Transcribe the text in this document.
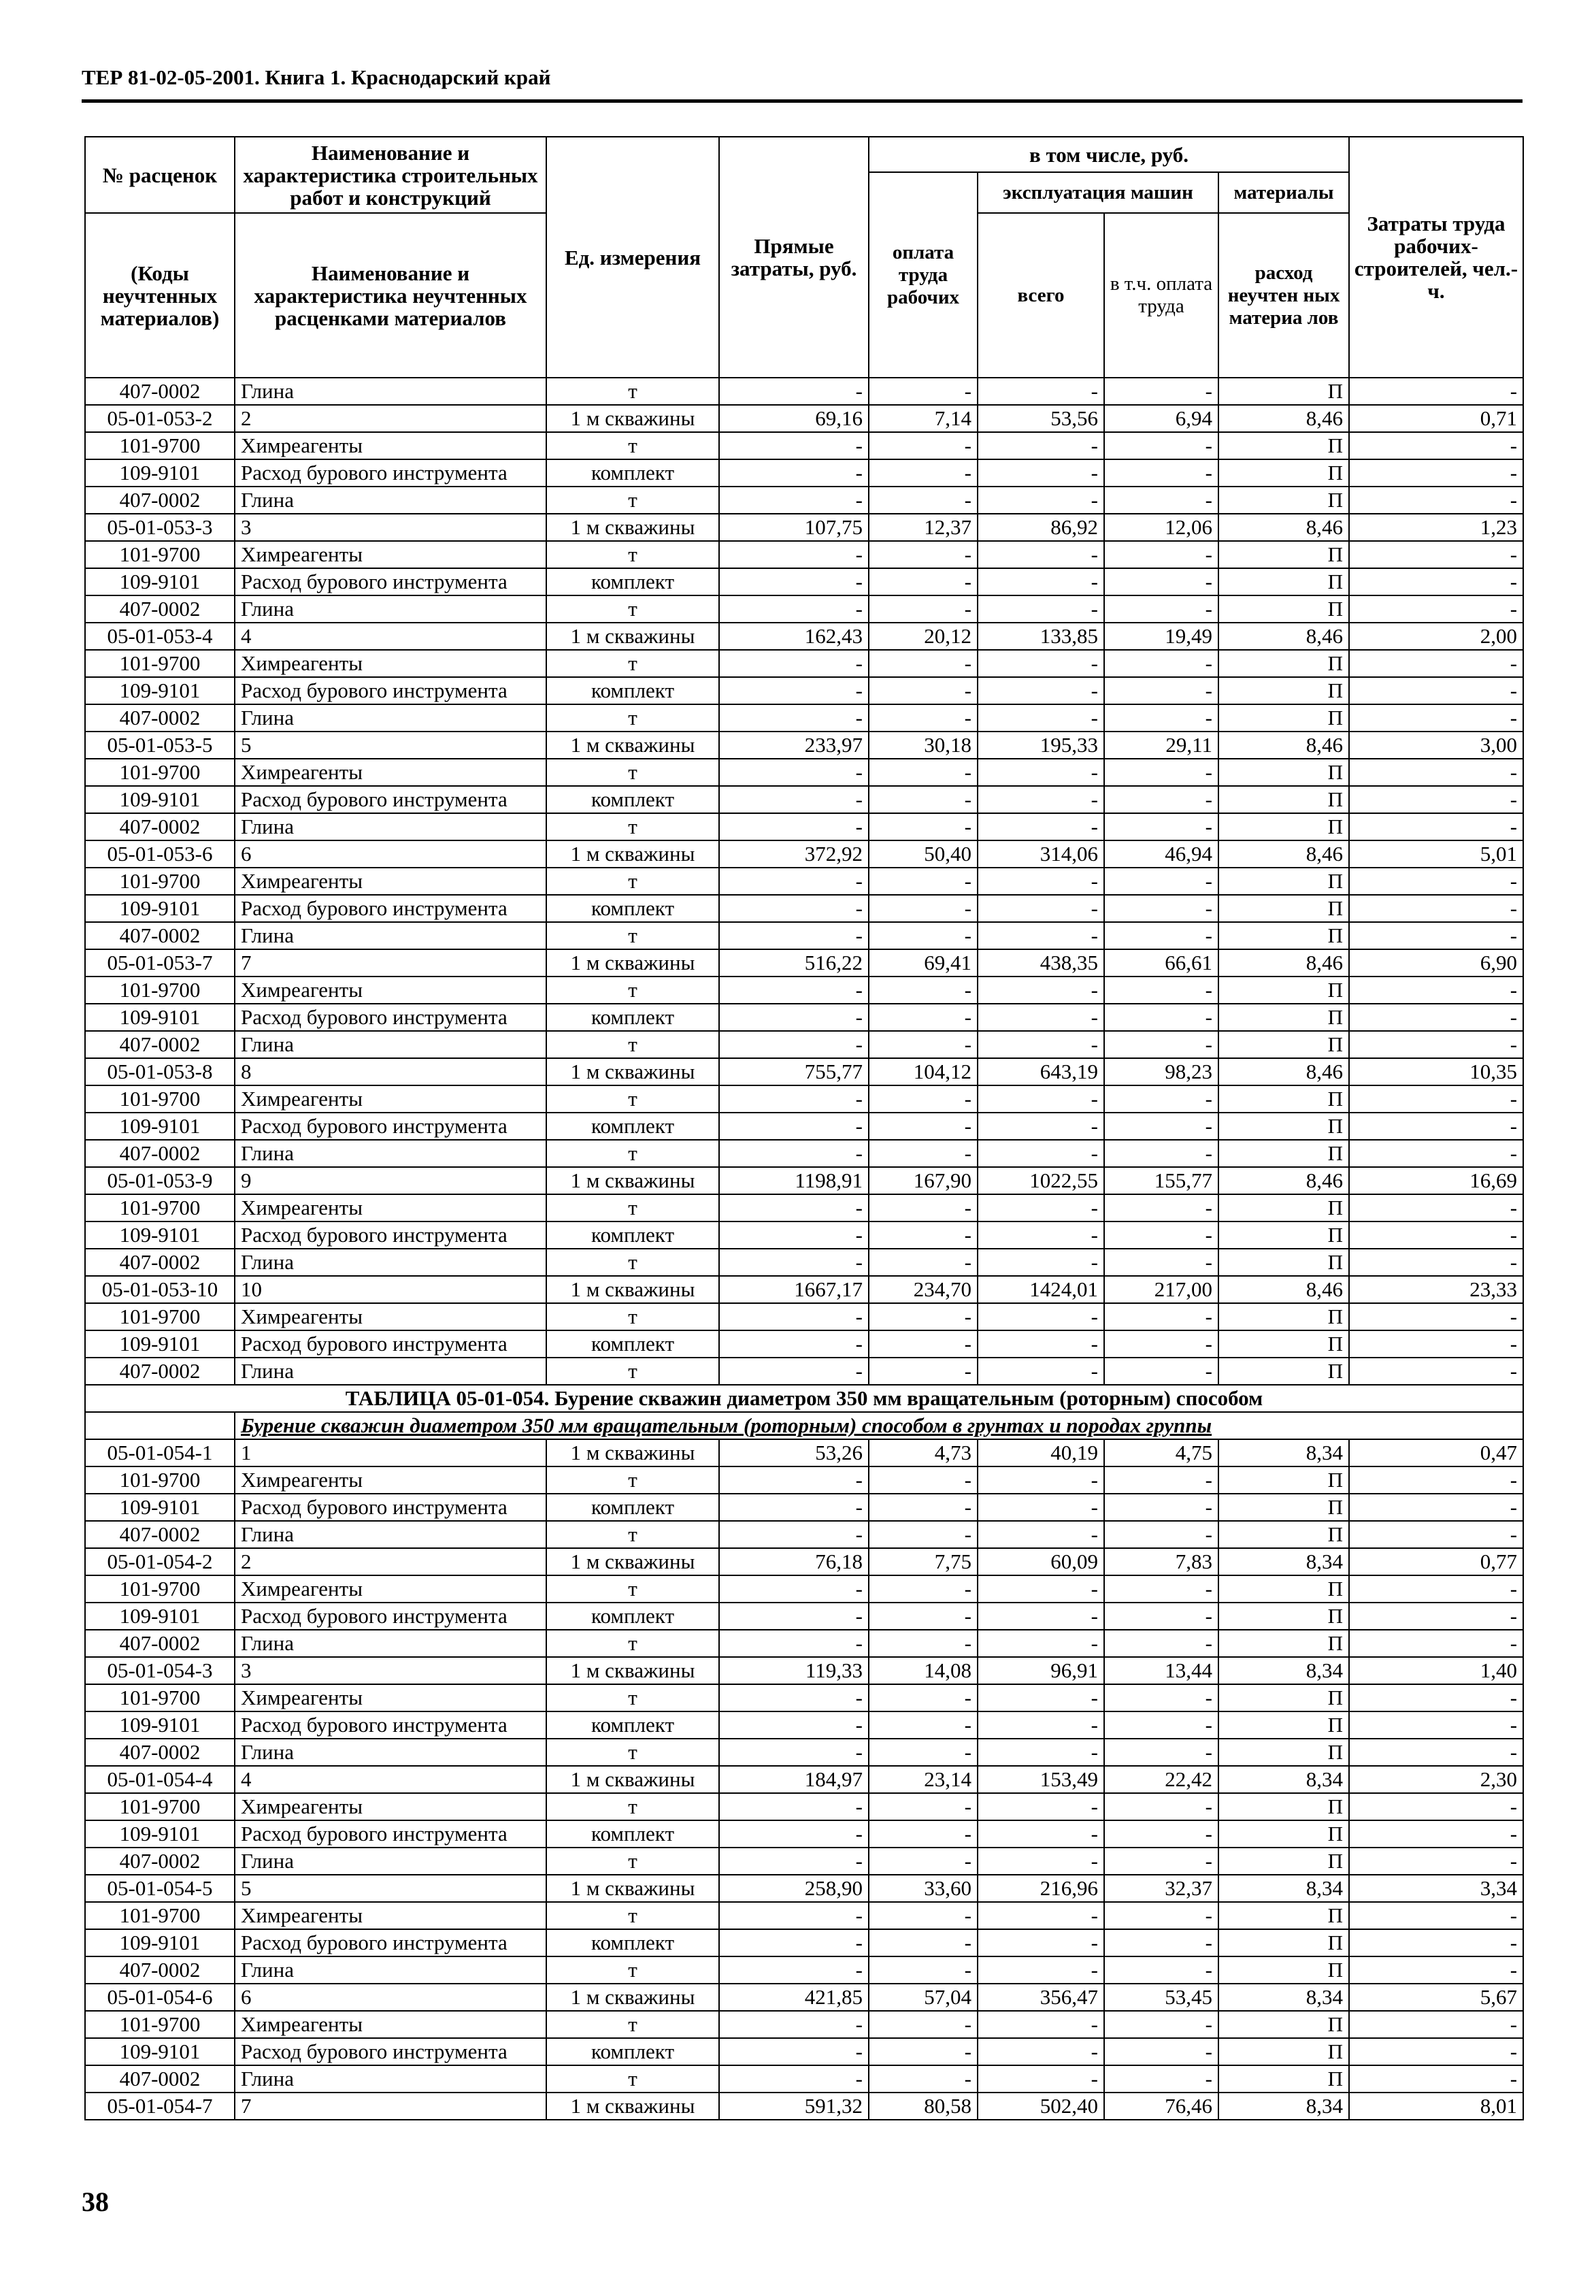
ТЕР 81-02-05-2001. Книга 1. Краснодарский край
№ расценок	Наименование и характеристика строительных работ и конструкций	Ед. измерения	Прямые затраты, руб.	в том числе, руб.				Затраты труда рабочих-строителей, чел.-ч.
				оплата труда рабочих	эксплуатация машин		материалы	
(Коды неучтенных материалов)	Наименование и характеристика неучтенных расценками материалов				всего	в т.ч. оплата труда	расход неучтен ных материа лов	

407-0002	Глина	т	-	-	-	-	П	-
05-01-053-2	2	1 м скважины	69,16	7,14	53,56	6,94	8,46	0,71
101-9700	Химреагенты	т	-	-	-	-	П	-
109-9101	Расход бурового инструмента	комплект	-	-	-	-	П	-
407-0002	Глина	т	-	-	-	-	П	-
05-01-053-3	3	1 м скважины	107,75	12,37	86,92	12,06	8,46	1,23
101-9700	Химреагенты	т	-	-	-	-	П	-
109-9101	Расход бурового инструмента	комплект	-	-	-	-	П	-
407-0002	Глина	т	-	-	-	-	П	-
05-01-053-4	4	1 м скважины	162,43	20,12	133,85	19,49	8,46	2,00
101-9700	Химреагенты	т	-	-	-	-	П	-
109-9101	Расход бурового инструмента	комплект	-	-	-	-	П	-
407-0002	Глина	т	-	-	-	-	П	-
05-01-053-5	5	1 м скважины	233,97	30,18	195,33	29,11	8,46	3,00
101-9700	Химреагенты	т	-	-	-	-	П	-
109-9101	Расход бурового инструмента	комплект	-	-	-	-	П	-
407-0002	Глина	т	-	-	-	-	П	-
05-01-053-6	6	1 м скважины	372,92	50,40	314,06	46,94	8,46	5,01
101-9700	Химреагенты	т	-	-	-	-	П	-
109-9101	Расход бурового инструмента	комплект	-	-	-	-	П	-
407-0002	Глина	т	-	-	-	-	П	-
05-01-053-7	7	1 м скважины	516,22	69,41	438,35	66,61	8,46	6,90
101-9700	Химреагенты	т	-	-	-	-	П	-
109-9101	Расход бурового инструмента	комплект	-	-	-	-	П	-
407-0002	Глина	т	-	-	-	-	П	-
05-01-053-8	8	1 м скважины	755,77	104,12	643,19	98,23	8,46	10,35
101-9700	Химреагенты	т	-	-	-	-	П	-
109-9101	Расход бурового инструмента	комплект	-	-	-	-	П	-
407-0002	Глина	т	-	-	-	-	П	-
05-01-053-9	9	1 м скважины	1198,91	167,90	1022,55	155,77	8,46	16,69
101-9700	Химреагенты	т	-	-	-	-	П	-
109-9101	Расход бурового инструмента	комплект	-	-	-	-	П	-
407-0002	Глина	т	-	-	-	-	П	-
05-01-053-10	10	1 м скважины	1667,17	234,70	1424,01	217,00	8,46	23,33
101-9700	Химреагенты	т	-	-	-	-	П	-
109-9101	Расход бурового инструмента	комплект	-	-	-	-	П	-
407-0002	Глина	т	-	-	-	-	П	-
ТАБЛИЦА 05-01-054. Бурение скважин диаметром 350 мм вращательным (роторным) способом								
	Бурение скважин диаметром 350 мм вращательным (роторным) способом в грунтах и породах группы							
05-01-054-1	1	1 м скважины	53,26	4,73	40,19	4,75	8,34	0,47
101-9700	Химреагенты	т	-	-	-	-	П	-
109-9101	Расход бурового инструмента	комплект	-	-	-	-	П	-
407-0002	Глина	т	-	-	-	-	П	-
05-01-054-2	2	1 м скважины	76,18	7,75	60,09	7,83	8,34	0,77
101-9700	Химреагенты	т	-	-	-	-	П	-
109-9101	Расход бурового инструмента	комплект	-	-	-	-	П	-
407-0002	Глина	т	-	-	-	-	П	-
05-01-054-3	3	1 м скважины	119,33	14,08	96,91	13,44	8,34	1,40
101-9700	Химреагенты	т	-	-	-	-	П	-
109-9101	Расход бурового инструмента	комплект	-	-	-	-	П	-
407-0002	Глина	т	-	-	-	-	П	-
05-01-054-4	4	1 м скважины	184,97	23,14	153,49	22,42	8,34	2,30
101-9700	Химреагенты	т	-	-	-	-	П	-
109-9101	Расход бурового инструмента	комплект	-	-	-	-	П	-
407-0002	Глина	т	-	-	-	-	П	-
05-01-054-5	5	1 м скважины	258,90	33,60	216,96	32,37	8,34	3,34
101-9700	Химреагенты	т	-	-	-	-	П	-
109-9101	Расход бурового инструмента	комплект	-	-	-	-	П	-
407-0002	Глина	т	-	-	-	-	П	-
05-01-054-6	6	1 м скважины	421,85	57,04	356,47	53,45	8,34	5,67
101-9700	Химреагенты	т	-	-	-	-	П	-
109-9101	Расход бурового инструмента	комплект	-	-	-	-	П	-
407-0002	Глина	т	-	-	-	-	П	-
05-01-054-7	7	1 м скважины	591,32	80,58	502,40	76,46	8,34	8,01
38
